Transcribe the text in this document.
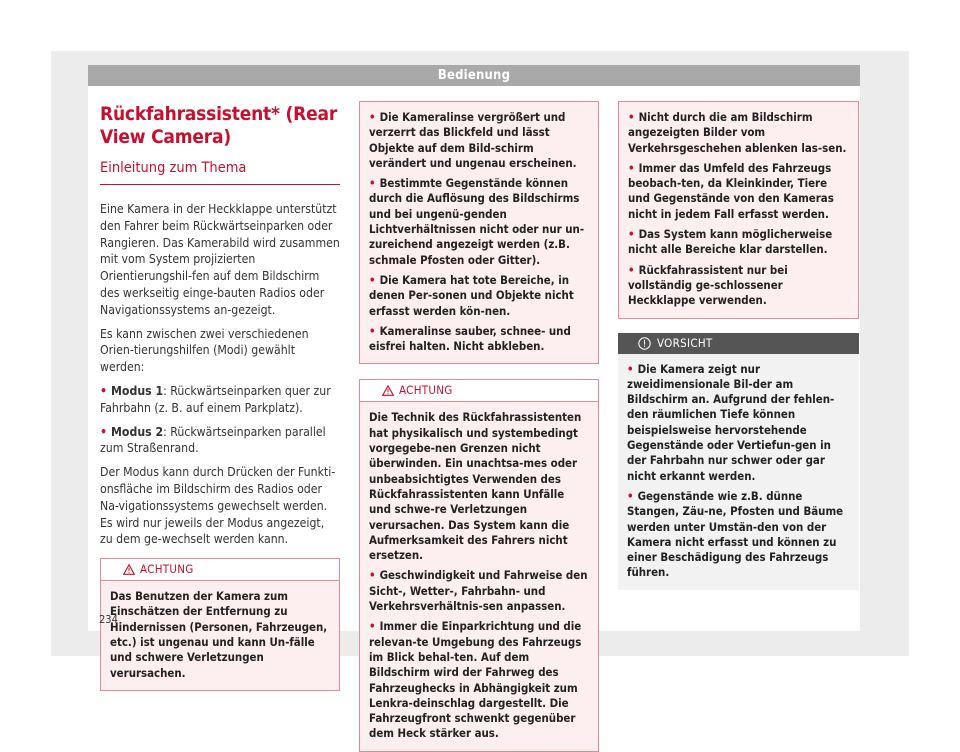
Bedienung
Rückfahrassistent* (Rear View Camera)
Einleitung zum Thema

Eine Kamera in der Heckklappe unterstützt den Fahrer beim Rückwärtseinparken oder Rangieren. Das Kamerabild wird zusammen mit vom System projizierten Orientierungshil-fen auf dem Bildschirm des werkseitig einge-bauten Radios oder Navigationssystems an-gezeigt.

Es kann zwischen zwei verschiedenen Orien-tierungshilfen (Modi) gewählt werden:

• Modus 1: Rückwärtseinparken quer zur Fahrbahn (z. B. auf einem Parkplatz).
• Modus 2: Rückwärtseinparken parallel zum Straßenrand.

Der Modus kann durch Drücken der Funkti-onsfläche im Bildschirm des Radios oder Na-vigationssystems gewechselt werden. Es wird nur jeweils der Modus angezeigt, zu dem ge-wechselt werden kann.

ACHTUNG
Das Benutzen der Kamera zum Einschätzen der Entfernung zu Hindernissen (Personen, Fahrzeugen, etc.) ist ungenau und kann Un-fälle und schwere Verletzungen verursachen.
• Die Kameralinse vergrößert und verzerrt das Blickfeld und lässt Objekte auf dem Bild-schirm verändert und ungenau erscheinen.
• Bestimmte Gegenstände können durch die Auflösung des Bildschirms und bei ungenü-genden Lichtverhältnissen nicht oder nur un-zureichend angezeigt werden (z.B. schmale Pfosten oder Gitter).
• Die Kamera hat tote Bereiche, in denen Per-sonen und Objekte nicht erfasst werden kön-nen.
• Kameralinse sauber, schnee- und eisfrei halten. Nicht abkleben.
ACHTUNG
Die Technik des Rückfahrassistenten hat physikalisch und systembedingt vorgegebe-nen Grenzen nicht überwinden. Ein unachtsa-mes oder unbeabsichtigtes Verwenden des Rückfahrassistenten kann Unfälle und schwe-re Verletzungen verursachen. Das System kann die Aufmerksamkeit des Fahrers nicht ersetzen.
• Geschwindigkeit und Fahrweise den Sicht-, Wetter-, Fahrbahn- und Verkehrsverhältnis-sen anpassen.
• Immer die Einparkrichtung und die relevan-te Umgebung des Fahrzeugs im Blick behal-ten. Auf dem Bildschirm wird der Fahrweg des Fahrzeughecks in Abhängigkeit zum Lenkra-deinschlag dargestellt. Die Fahrzeugfront schwenkt gegenüber dem Heck stärker aus.
• Nicht durch die am Bildschirm angezeigten Bilder vom Verkehrsgeschehen ablenken las-sen.
• Immer das Umfeld des Fahrzeugs beobach-ten, da Kleinkinder, Tiere und Gegenstände von den Kameras nicht in jedem Fall erfasst werden.
• Das System kann möglicherweise nicht alle Bereiche klar darstellen.
• Rückfahrassistent nur bei vollständig ge-schlossener Heckklappe verwenden.
VORSICHT
• Die Kamera zeigt nur zweidimensionale Bil-der am Bildschirm an. Aufgrund der fehlen-den räumlichen Tiefe können beispielsweise hervorstehende Gegenstände oder Vertiefun-gen in der Fahrbahn nur schwer oder gar nicht erkannt werden.
• Gegenstände wie z.B. dünne Stangen, Zäu-ne, Pfosten und Bäume werden unter Umstän-den von der Kamera nicht erfasst und können zu einer Beschädigung des Fahrzeugs führen.
234
